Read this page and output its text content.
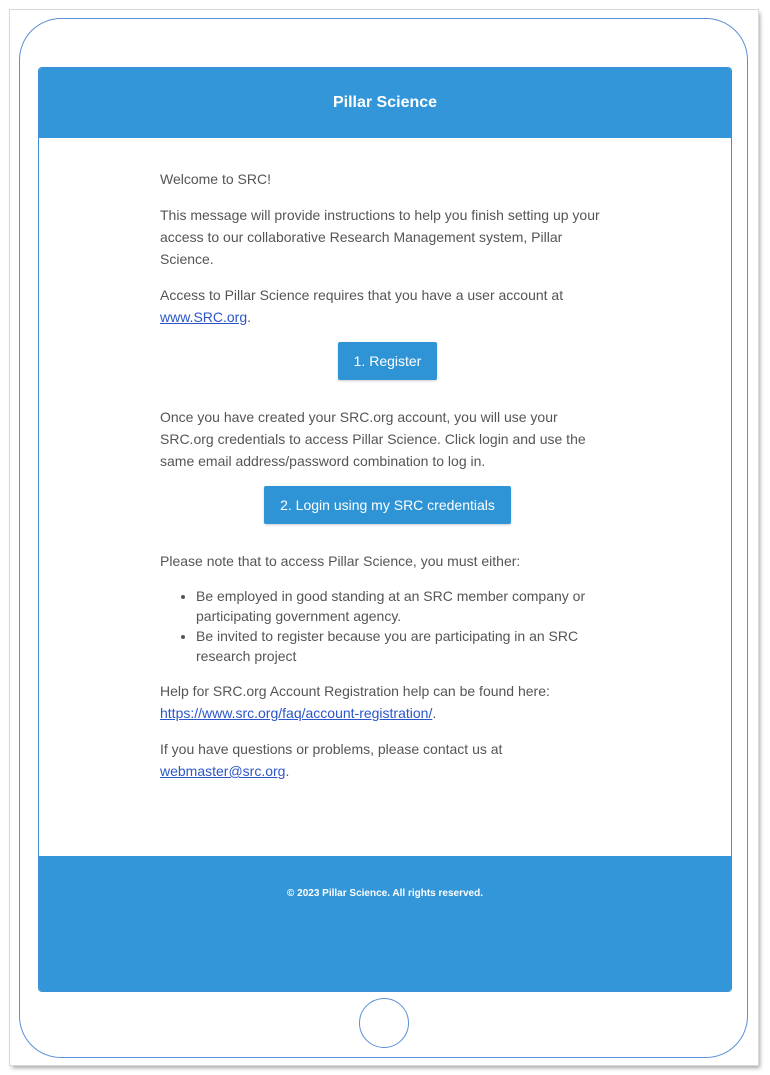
Pillar Science

Welcome to SRC!

This message will provide instructions to help you finish setting up your access to our collaborative Research Management system, Pillar Science.

Access to Pillar Science requires that you have a user account at www.SRC.org.

1. Register

Once you have created your SRC.org account, you will use your SRC.org credentials to access Pillar Science. Click login and use the same email address/password combination to log in.

2. Login using my SRC credentials

Please note that to access Pillar Science, you must either:

• Be employed in good standing at an SRC member company or participating government agency.
• Be invited to register because you are participating in an SRC research project

Help for SRC.org Account Registration help can be found here: https://www.src.org/faq/account-registration/.

If you have questions or problems, please contact us at webmaster@src.org.

© 2023 Pillar Science. All rights reserved.
